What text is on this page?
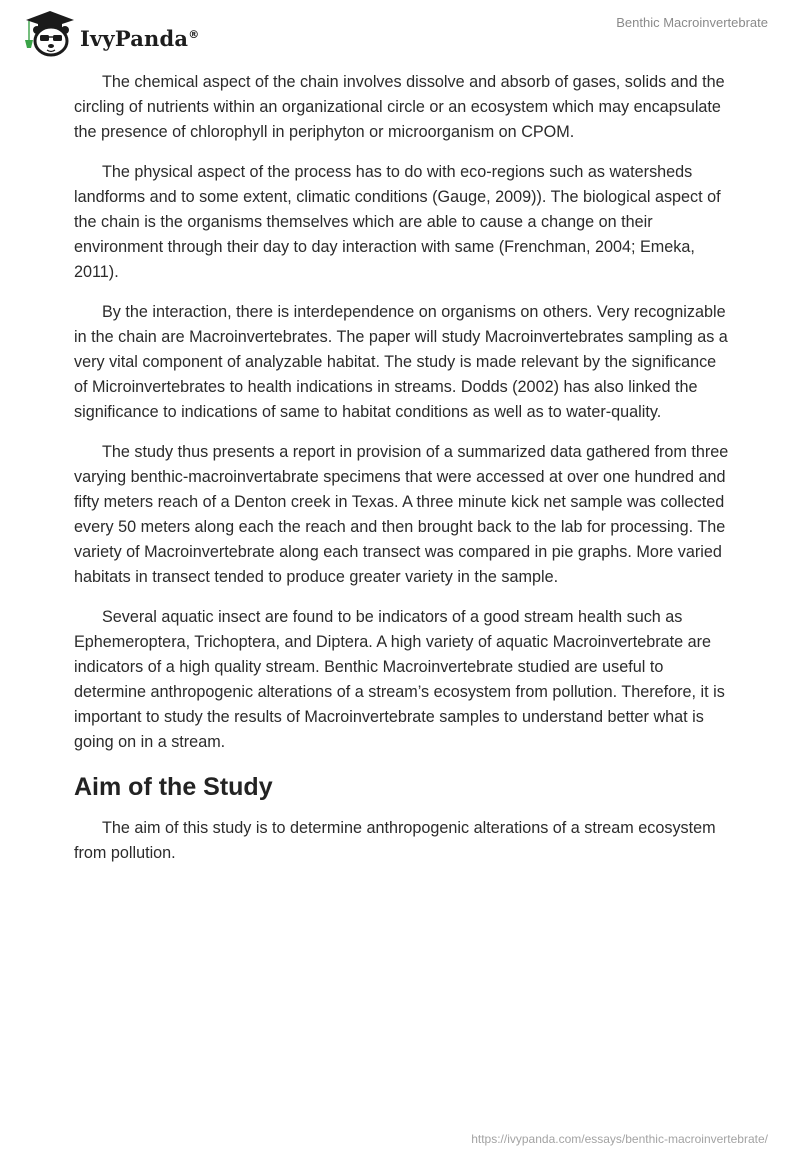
IvyPanda®
Benthic Macroinvertebrate

The chemical aspect of the chain involves dissolve and absorb of gases, solids and the circling of nutrients within an organizational circle or an ecosystem which may encapsulate the presence of chlorophyll in periphyton or microorganism on CPOM.

The physical aspect of the process has to do with eco-regions such as watersheds landforms and to some extent, climatic conditions (Gauge, 2009)). The biological aspect of the chain is the organisms themselves which are able to cause a change on their environment through their day to day interaction with same (Frenchman, 2004; Emeka, 2011).

By the interaction, there is interdependence on organisms on others. Very recognizable in the chain are Macroinvertebrates. The paper will study Macroinvertebrates sampling as a very vital component of analyzable habitat. The study is made relevant by the significance of Microinvertebrates to health indications in streams. Dodds (2002) has also linked the significance to indications of same to habitat conditions as well as to water-quality.

The study thus presents a report in provision of a summarized data gathered from three varying benthic-macroinvertabrate specimens that were accessed at over one hundred and fifty meters reach of a Denton creek in Texas. A three minute kick net sample was collected every 50 meters along each the reach and then brought back to the lab for processing. The variety of Macroinvertebrate along each transect was compared in pie graphs. More varied habitats in transect tended to produce greater variety in the sample.

Several aquatic insect are found to be indicators of a good stream health such as Ephemeroptera, Trichoptera, and Diptera. A high variety of aquatic Macroinvertebrate are indicators of a high quality stream. Benthic Macroinvertebrate studied are useful to determine anthropogenic alterations of a stream’s ecosystem from pollution. Therefore, it is important to study the results of Macroinvertebrate samples to understand better what is going on in a stream.

Aim of the Study

The aim of this study is to determine anthropogenic alterations of a stream ecosystem from pollution.

https://ivypanda.com/essays/benthic-macroinvertebrate/
